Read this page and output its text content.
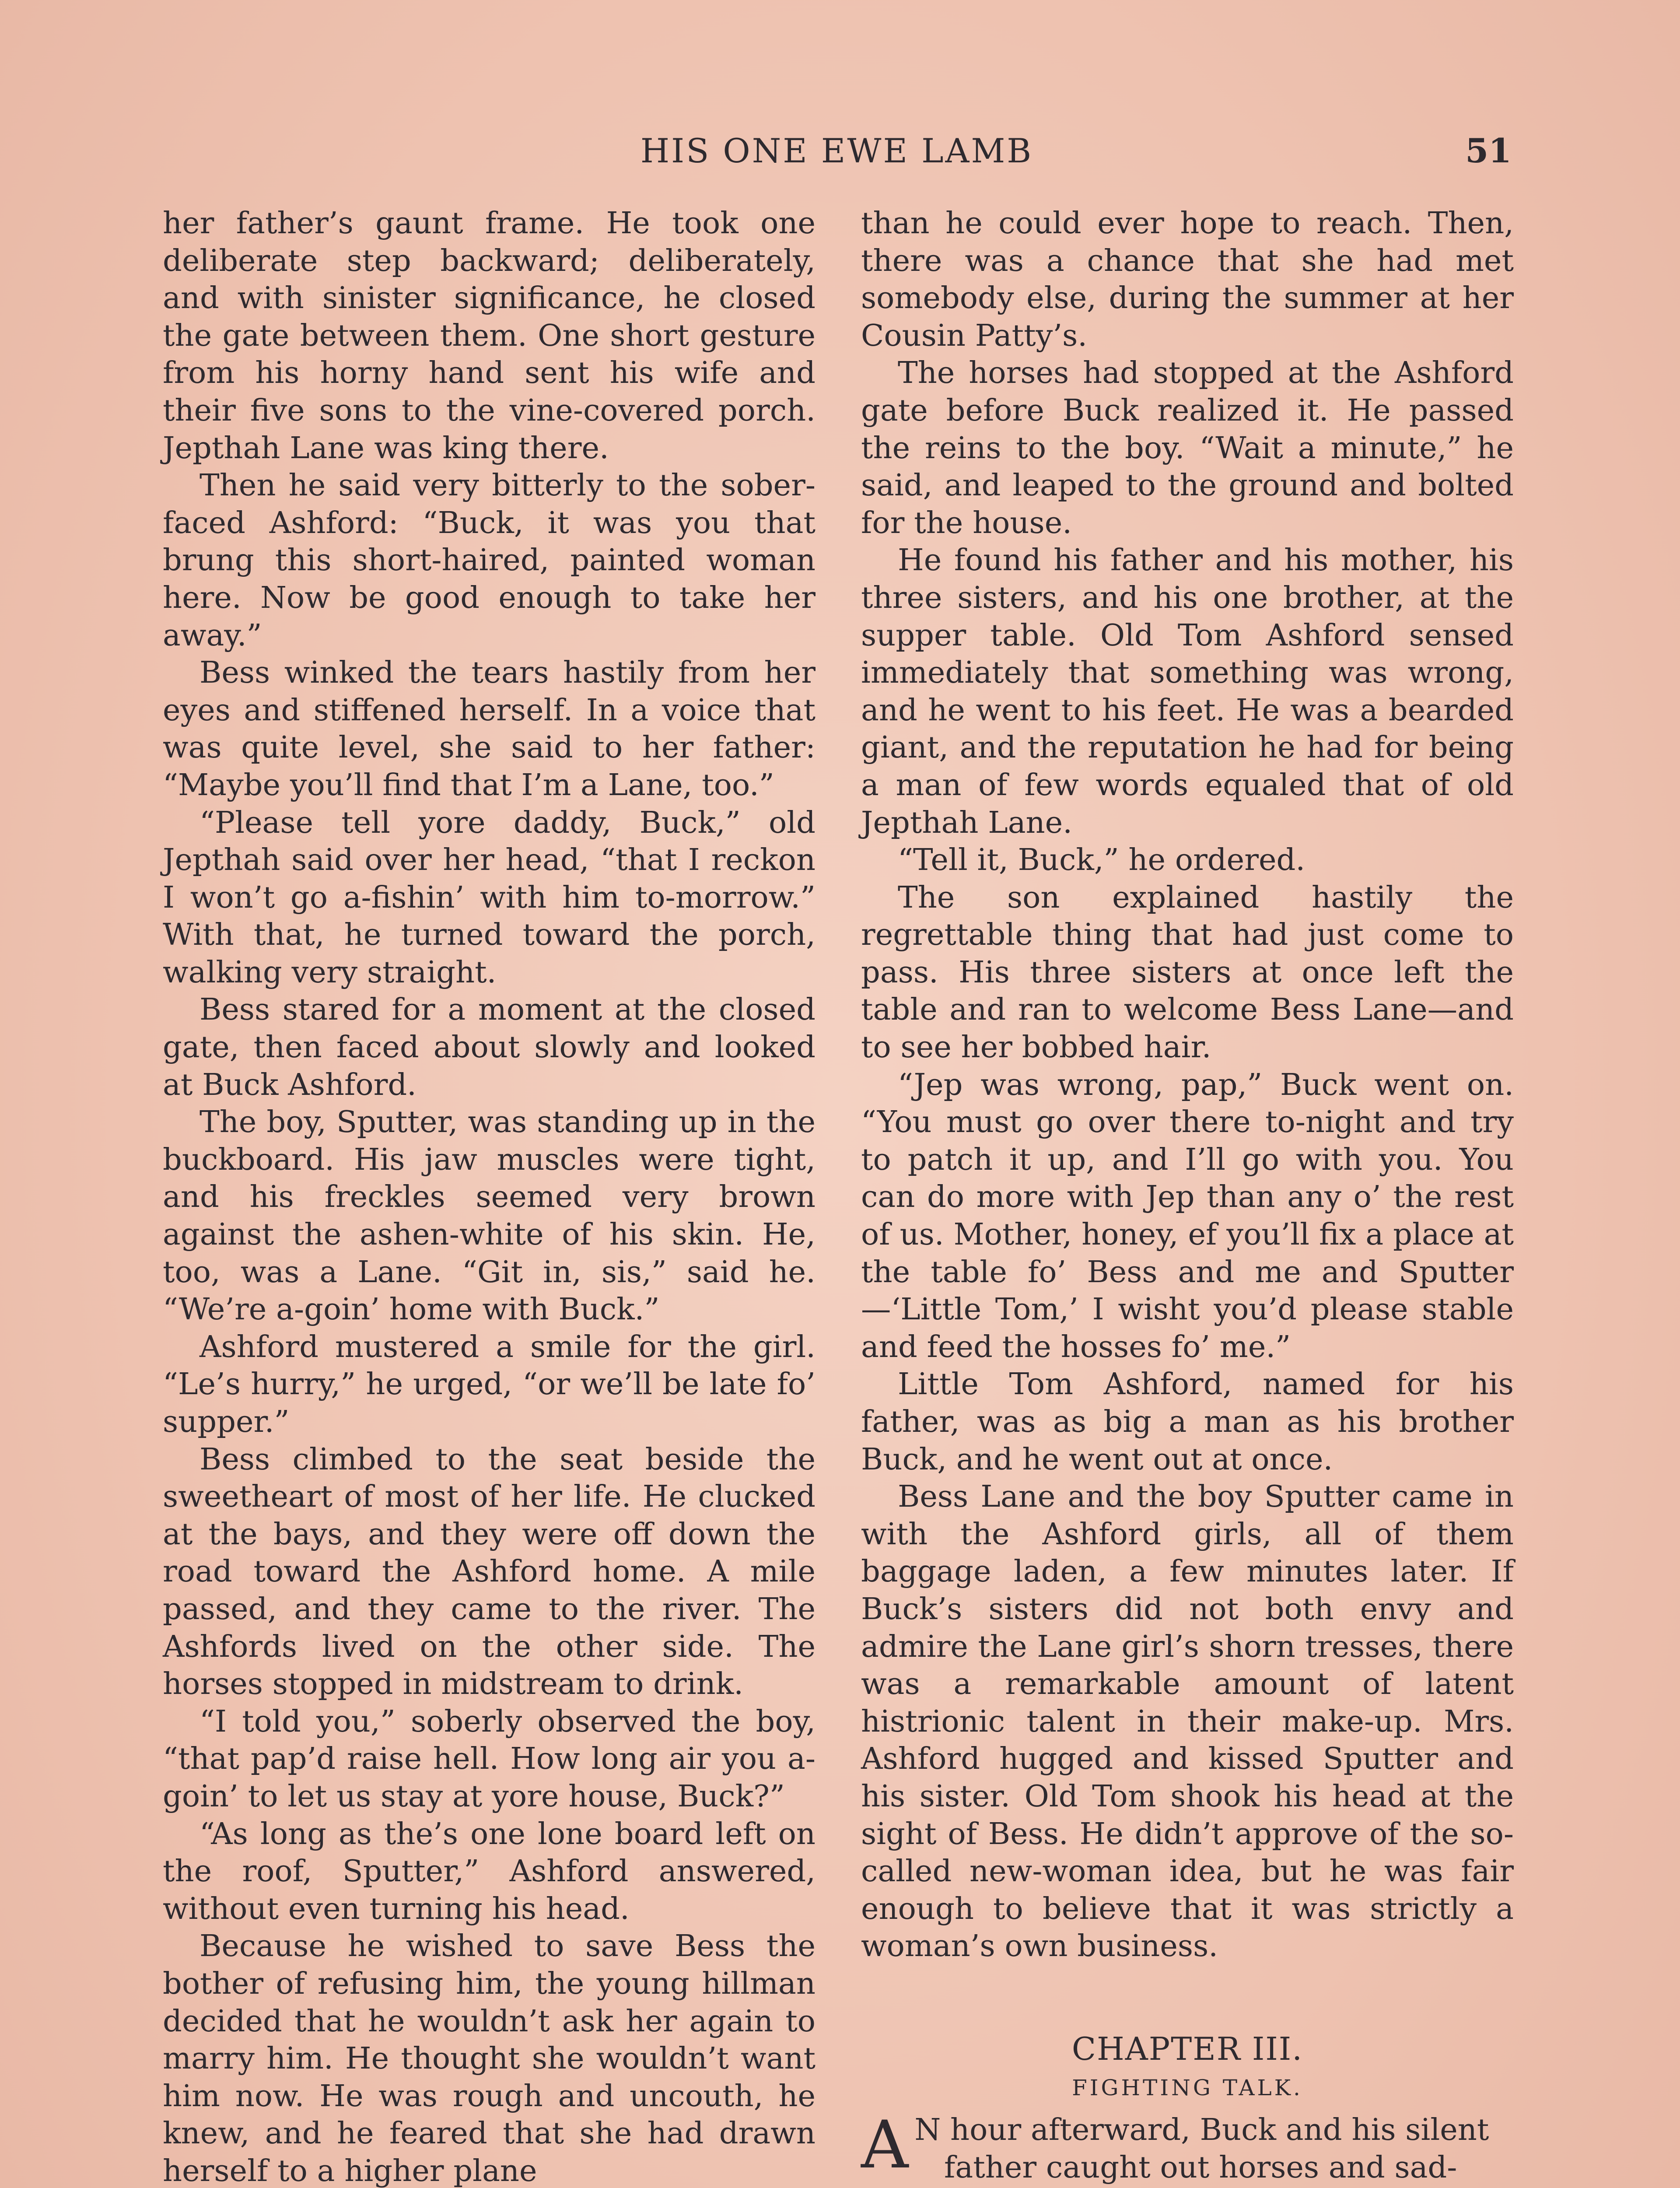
HIS ONE EWE LAMB	51

her father’s gaunt frame. He took one deliberate step backward; deliberately, and with sinister significance, he closed the gate between them. One short gesture from his horny hand sent his wife and their five sons to the vine-covered porch. Jepthah Lane was king there.

Then he said very bitterly to the sober-faced Ashford: “Buck, it was you that brung this short-haired, painted woman here. Now be good enough to take her away.”

Bess winked the tears hastily from her eyes and stiffened herself. In a voice that was quite level, she said to her father: “Maybe you’ll find that I’m a Lane, too.”

“Please tell yore daddy, Buck,” old Jepthah said over her head, “that I reckon I won’t go a-fishin’ with him to-morrow.” With that, he turned toward the porch, walking very straight.

Bess stared for a moment at the closed gate, then faced about slowly and looked at Buck Ashford.

The boy, Sputter, was standing up in the buckboard. His jaw muscles were tight, and his freckles seemed very brown against the ashen-white of his skin. He, too, was a Lane. “Git in, sis,” said he. “We’re a-goin’ home with Buck.”

Ashford mustered a smile for the girl. “Le’s hurry,” he urged, “or we’ll be late fo’ supper.”

Bess climbed to the seat beside the sweetheart of most of her life. He clucked at the bays, and they were off down the road toward the Ashford home. A mile passed, and they came to the river. The Ashfords lived on the other side. The horses stopped in midstream to drink.

“I told you,” soberly observed the boy, “that pap’d raise hell. How long air you a-goin’ to let us stay at yore house, Buck?”

“As long as the’s one lone board left on the roof, Sputter,” Ashford answered, without even turning his head.

Because he wished to save Bess the bother of refusing him, the young hillman decided that he wouldn’t ask her again to marry him. He thought she wouldn’t want him now. He was rough and uncouth, he knew, and he feared that she had drawn herself to a higher plane

than he could ever hope to reach. Then, there was a chance that she had met somebody else, during the summer at her Cousin Patty’s.

The horses had stopped at the Ashford gate before Buck realized it. He passed the reins to the boy. “Wait a minute,” he said, and leaped to the ground and bolted for the house.

He found his father and his mother, his three sisters, and his one brother, at the supper table. Old Tom Ashford sensed immediately that something was wrong, and he went to his feet. He was a bearded giant, and the reputation he had for being a man of few words equaled that of old Jepthah Lane.

“Tell it, Buck,” he ordered.

The son explained hastily the regrettable thing that had just come to pass. His three sisters at once left the table and ran to welcome Bess Lane—and to see her bobbed hair.

“Jep was wrong, pap,” Buck went on. “You must go over there to-night and try to patch it up, and I’ll go with you. You can do more with Jep than any o’ the rest of us. Mother, honey, ef you’ll fix a place at the table fo’ Bess and me and Sputter—‘Little Tom,’ I wisht you’d please stable and feed the hosses fo’ me.”

Little Tom Ashford, named for his father, was as big a man as his brother Buck, and he went out at once.

Bess Lane and the boy Sputter came in with the Ashford girls, all of them baggage laden, a few minutes later. If Buck’s sisters did not both envy and admire the Lane girl’s shorn tresses, there was a remarkable amount of latent histrionic talent in their make-up. Mrs. Ashford hugged and kissed Sputter and his sister. Old Tom shook his head at the sight of Bess. He didn’t approve of the so-called new-woman idea, but he was fair enough to believe that it was strictly a woman’s own business.

CHAPTER III.
FIGHTING TALK.

A N hour afterward, Buck and his silent
father caught out horses and sad-
